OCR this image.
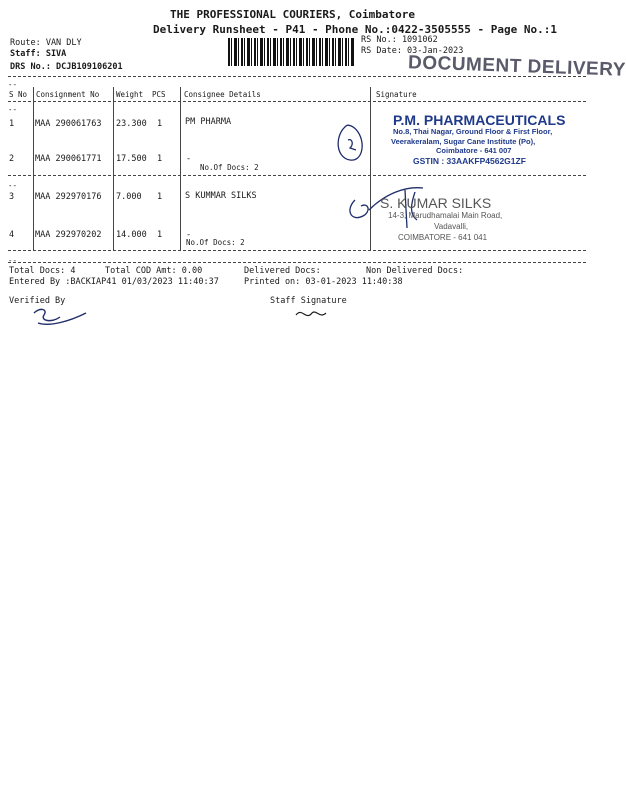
THE PROFESSIONAL COURIERS, Coimbatore
Delivery Runsheet - P41 - Phone No.:0422-3505555 - Page No.:1
Route: VAN DLY
Staff: SIVA
DRS No.: DCJB109106201
RS No.: 1091062
RS Date: 03-Jan-2023
DOCUMENT DELIVERY
--
--
--
--
S No Consignment No Weight PCS Consignee Details	Signature
1 MAA 290061763 23.300 1	PM PHARMA
2 MAA 290061771 17.500 1	-
No.Of Docs: 2
3 MAA 292970176 7.000 1	S KUMMAR SILKS
4 MAA 292970202 14.000 1	-
No.Of Docs: 2
P.M. PHARMACEUTICALS
No.8, Thai Nagar, Ground Floor & First Floor,
Veerakeralam, Sugar Cane Institute (Po),
Coimbatore - 641 007
GSTIN : 33AAKFP4562G1ZF
S. KUMAR SILKS
14-3, Marudhamalai Main Road,
Vadavalli,
COIMBATORE - 641 041
Total Docs: 4	Total COD Amt: 0.00	Delivered Docs:	Non Delivered Docs:
Entered By :BACKIAP41 01/03/2023 11:40:37	Printed on: 03-01-2023 11:40:38
Verified By	Staff Signature
